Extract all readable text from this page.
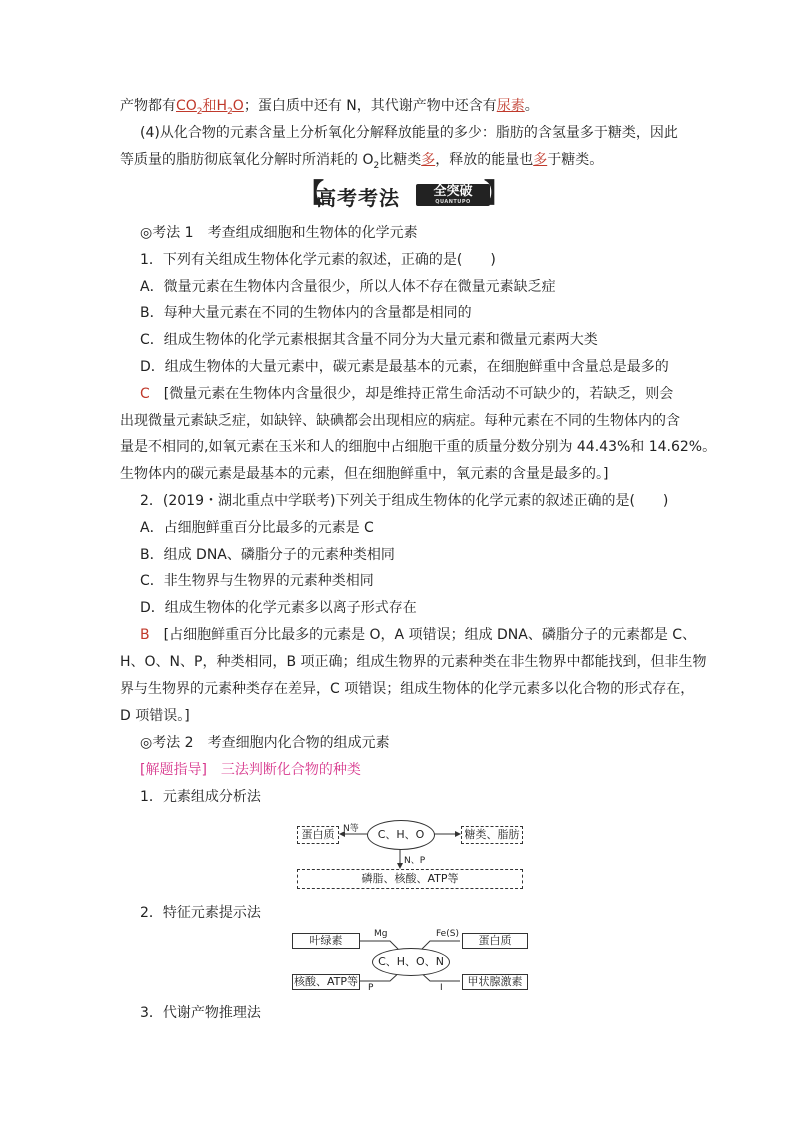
产物都有$CO_2$和$H_2O$；蛋白质中还有 N，其代谢产物中还含有尿素。
(4)从化合物的元素含量上分析氧化分解释放能量的多少：脂肪的含氢量多于糖类，因此
等质量的脂肪彻底氧化分解时所消耗的 $O_2$比糖类多，释放的能量也多于糖类。
【
高考考法	全突破
QUANTUPO 】
◎考法 1　考查组成细胞和生物体的化学元素
1．下列有关组成生物体化学元素的叙述，正确的是(　　)
A．微量元素在生物体内含量很少，所以人体不存在微量元素缺乏症
B．每种大量元素在不同的生物体内的含量都是相同的
C．组成生物体的化学元素根据其含量不同分为大量元素和微量元素两大类
D．组成生物体的大量元素中，碳元素是最基本的元素，在细胞鲜重中含量总是最多的
C　[微量元素在生物体内含量很少，却是维持正常生命活动不可缺少的，若缺乏，则会
出现微量元素缺乏症，如缺锌、缺碘都会出现相应的病症。每种元素在不同的生物体内的含
量是不相同的,如氧元素在玉米和人的细胞中占细胞干重的质量分数分别为 44.43%和 14.62%。
生物体内的碳元素是最基本的元素，但在细胞鲜重中，氧元素的含量是最多的。]
2．(2019・湖北重点中学联考)下列关于组成生物体的化学元素的叙述正确的是(　　)
A．占细胞鲜重百分比最多的元素是 C
B．组成 DNA、磷脂分子的元素种类相同
C．非生物界与生物界的元素种类相同
D．组成生物体的化学元素多以离子形式存在
B　[占细胞鲜重百分比最多的元素是 O，A 项错误；组成 DNA、磷脂分子的元素都是 C、
H、O、N、P，种类相同，B 项正确；组成生物界的元素种类在非生物界中都能找到，但非生物
界与生物界的元素种类存在差异，C 项错误；组成生物体的化学元素多以化合物的形式存在，
D 项错误。]
◎考法 2　考查细胞内化合物的组成元素
[解题指导]　三法判断化合物的种类
1．元素组成分析法
蛋白质	C、H、O	糖类、脂肪
磷脂、核酸、ATP等
N等
N、P
2．特征元素提示法
叶绿素	蛋白质
C、H、O、N
核酸、ATP等	甲状腺激素
Mg	Fe(S)
P	I
3．代谢产物推理法
